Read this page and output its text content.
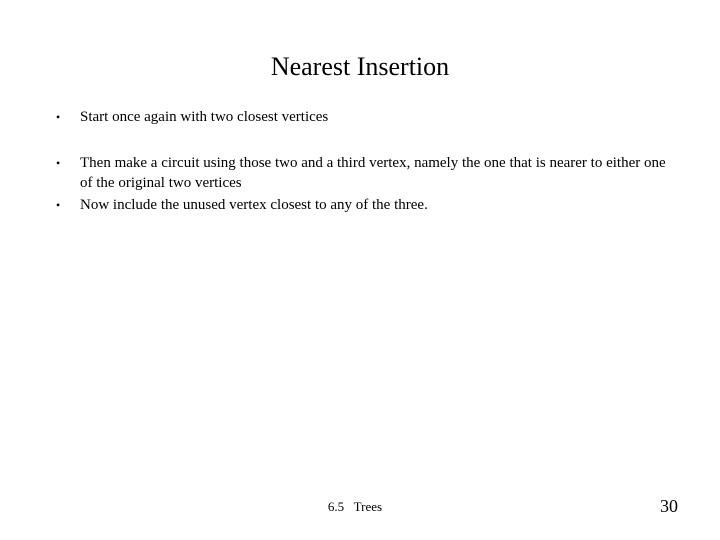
Nearest Insertion
• Start once again with two closest vertices
• Then make a circuit using those two and a third vertex, namely the one that is nearer to either one of the original two vertices
• Now include the unused vertex closest to any of the three.
6.5   Trees	30
